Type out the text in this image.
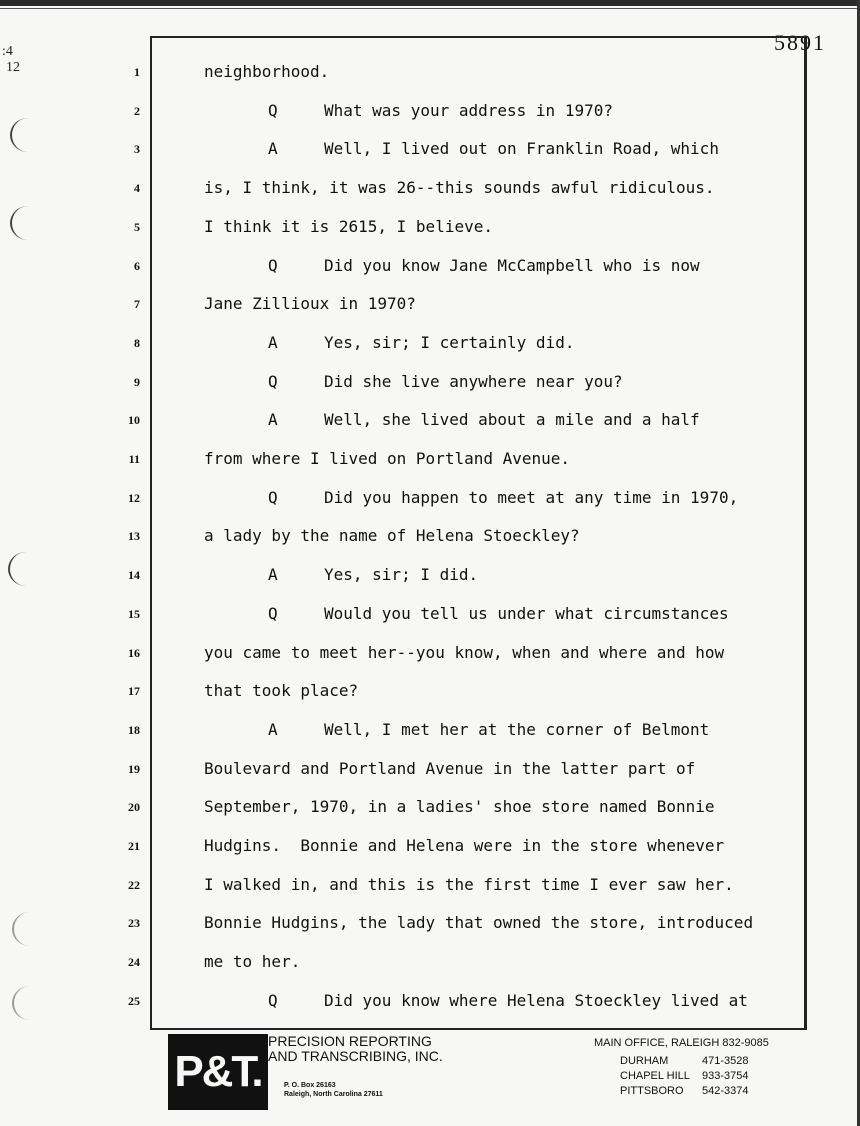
:4
12
5891
1	neighborhood.
2	Q	What was your address in 1970?
3	A	Well, I lived out on Franklin Road, which
4	is, I think, it was 26--this sounds awful ridiculous.
5	I think it is 2615, I believe.
6	Q	Did you know Jane McCampbell who is now
7	Jane Zillioux in 1970?
8	A	Yes, sir; I certainly did.
9	Q	Did she live anywhere near you?
10	A	Well, she lived about a mile and a half
11	from where I lived on Portland Avenue.
12	Q	Did you happen to meet at any time in 1970,
13	a lady by the name of Helena Stoeckley?
14	A	Yes, sir; I did.
15	Q	Would you tell us under what circumstances
16	you came to meet her--you know, when and where and how
17	that took place?
18	A	Well, I met her at the corner of Belmont
19	Boulevard and Portland Avenue in the latter part of
20	September, 1970, in a ladies' shoe store named Bonnie
21	Hudgins.  Bonnie and Helena were in the store whenever
22	I walked in, and this is the first time I ever saw her.
23	Bonnie Hudgins, the lady that owned the store, introduced
24	me to her.
25	Q	Did you know where Helena Stoeckley lived at
P&T.
PRECISION REPORTING
AND TRANSCRIBING, INC.
P. O. Box 26163
Raleigh, North Carolina 27611
MAIN OFFICE, RALEIGH 832-9085
DURHAM	471-3528
CHAPEL HILL 933-3754
PITTSBORO 542-3374
